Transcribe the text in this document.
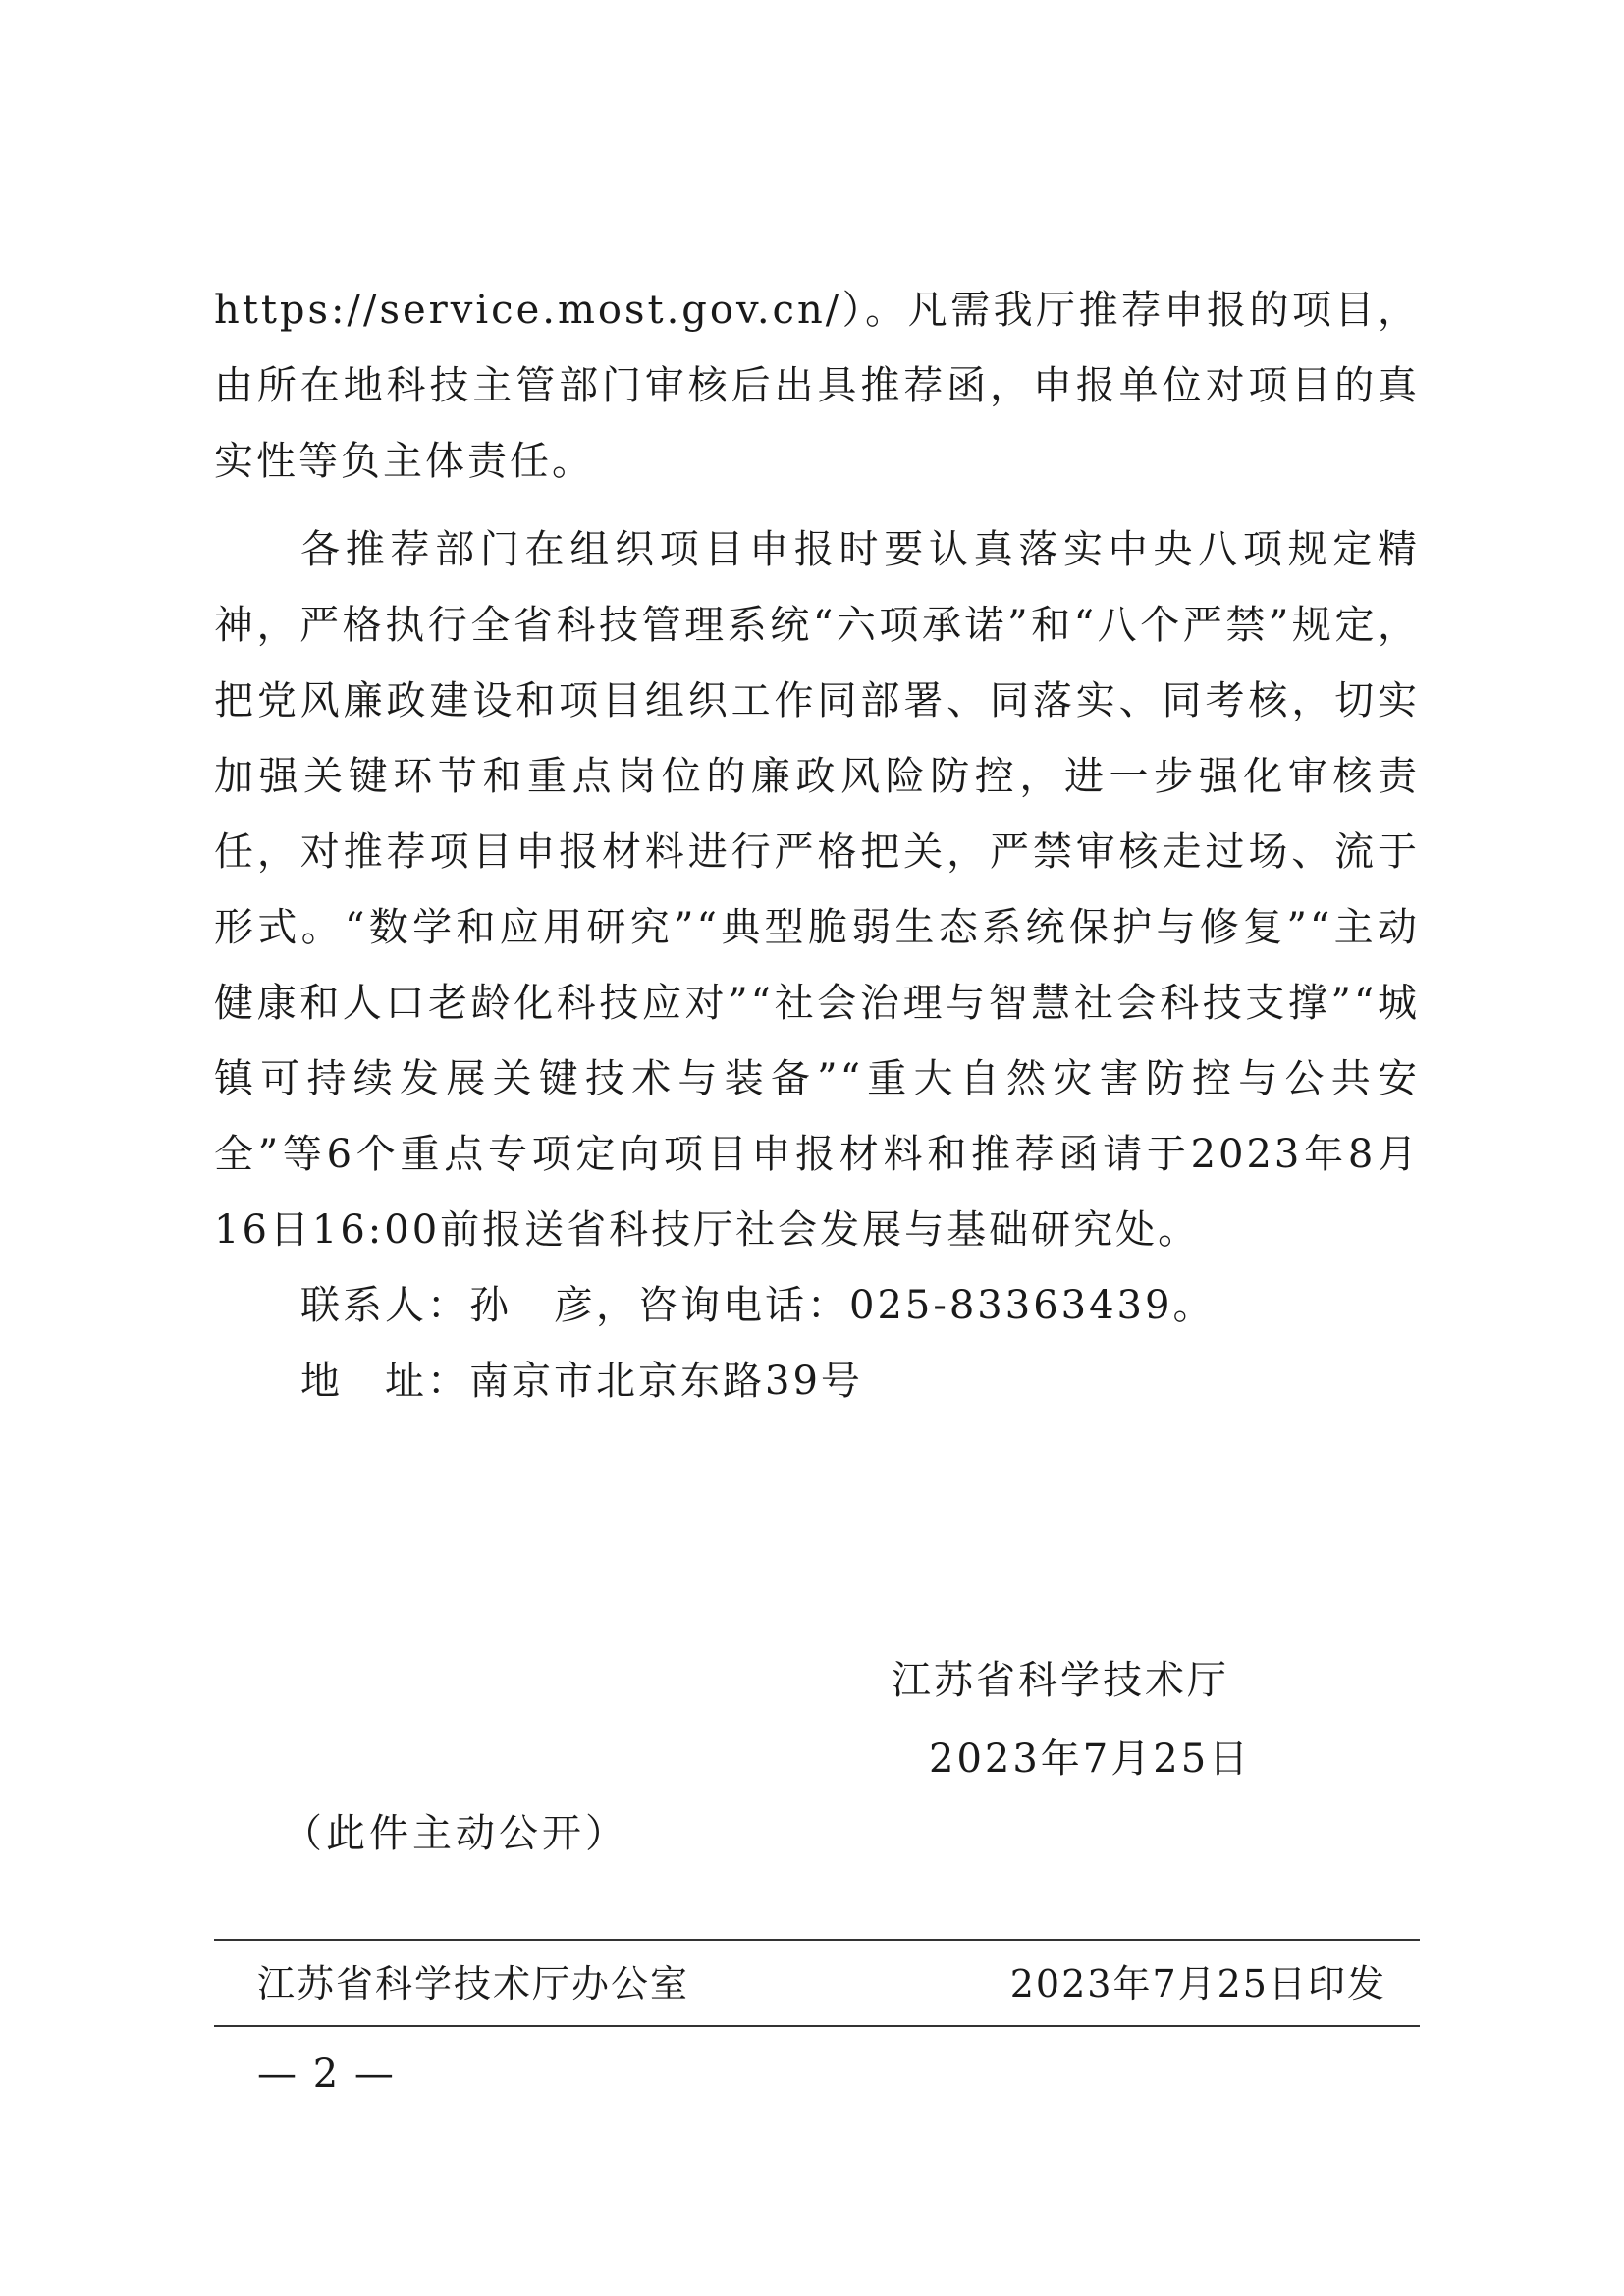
https://service.most.gov.cn/）。凡需我厅推荐申报的项目，由所在地科技主管部门审核后出具推荐函，申报单位对项目的真实性等负主体责任。

各推荐部门在组织项目申报时要认真落实中央八项规定精神，严格执行全省科技管理系统“六项承诺”和“八个严禁”规定，把党风廉政建设和项目组织工作同部署、同落实、同考核，切实加强关键环节和重点岗位的廉政风险防控，进一步强化审核责任，对推荐项目申报材料进行严格把关，严禁审核走过场、流于形式。“数学和应用研究”“典型脆弱生态系统保护与修复”“主动健康和人口老龄化科技应对”“社会治理与智慧社会科技支撑”“城镇可持续发展关键技术与装备”“重大自然灾害防控与公共安全”等6个重点专项定向项目申报材料和推荐函请于2023年8月16日16:00前报送省科技厅社会发展与基础研究处。

联系人：孙　彦，咨询电话：025-83363439。

地　址：南京市北京东路39号

江苏省科学技术厅
2023年7月25日
（此件主动公开）
江苏省科学技术厅办公室	2023年7月25日印发
— 2 —
